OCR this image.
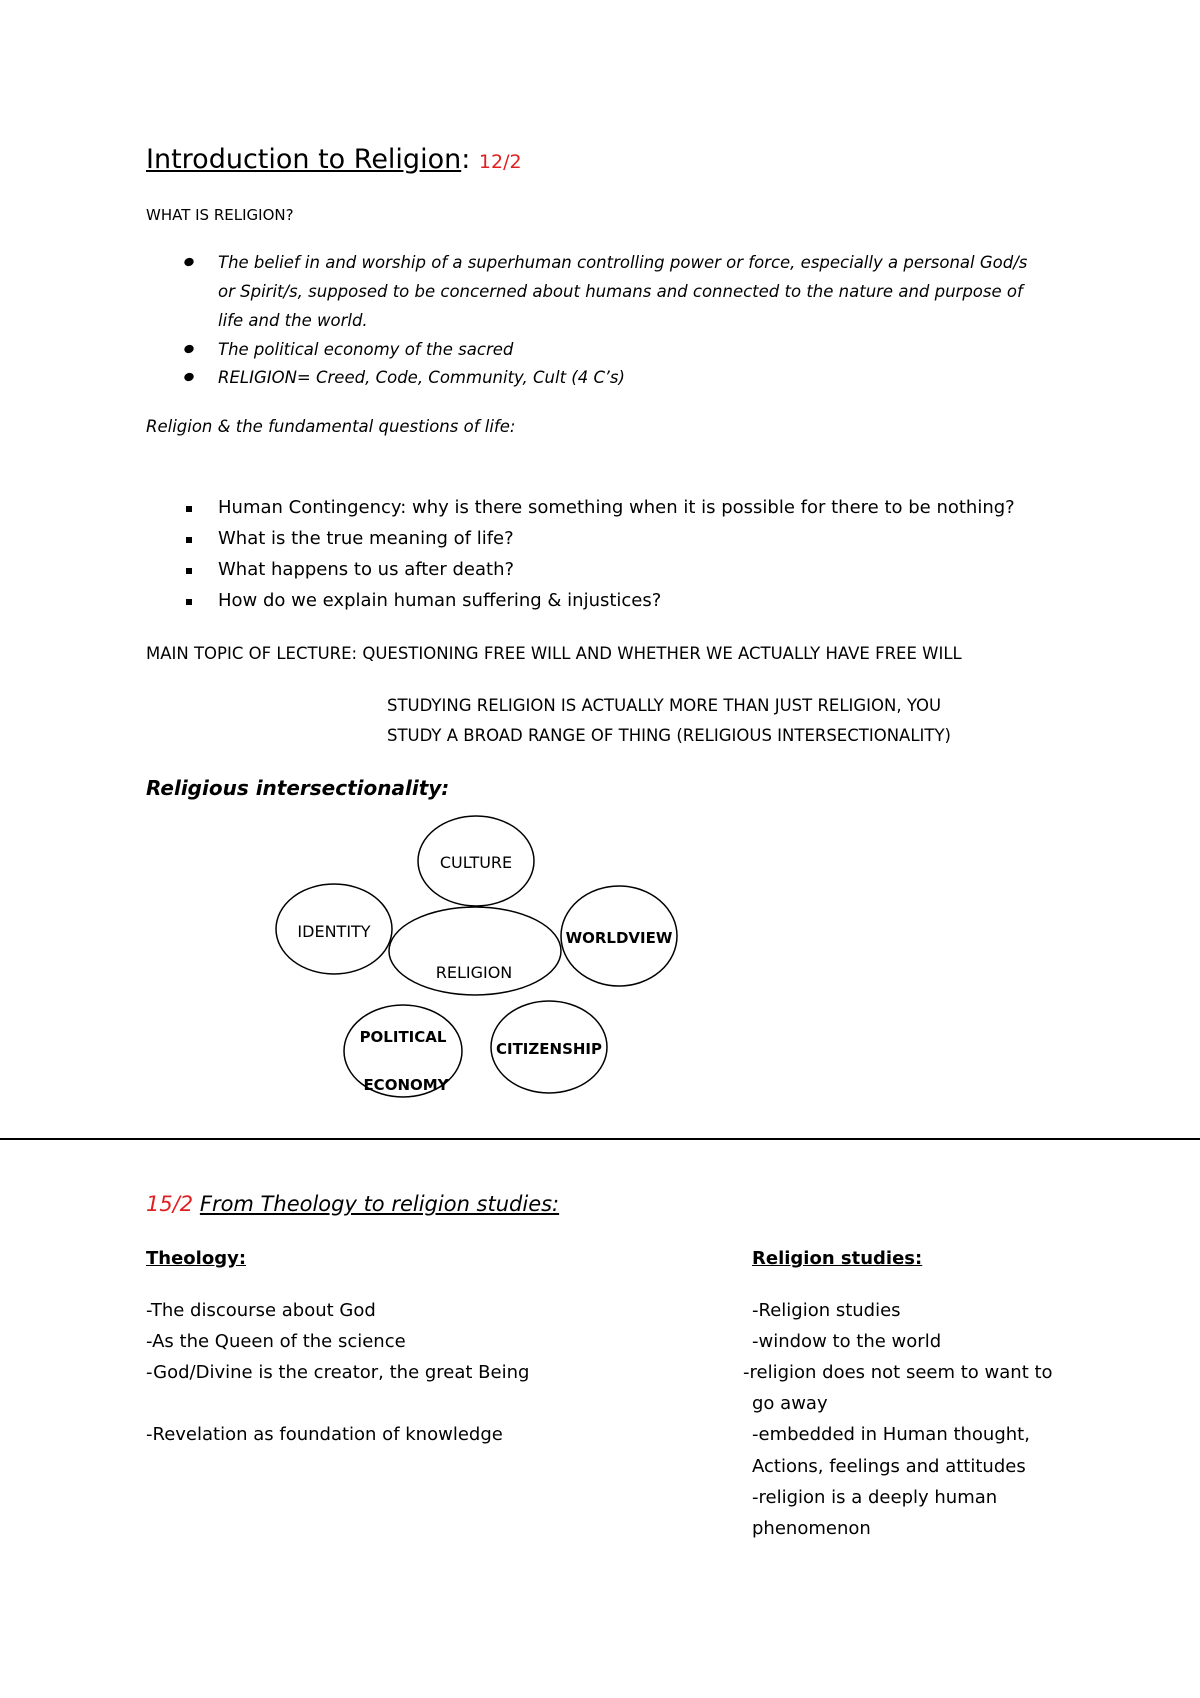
Introduction to Religion: 12/2
WHAT IS RELIGION?
The belief in and worship of a superhuman controlling power or force, especially a personal God/s or Spirit/s, supposed to be concerned about humans and connected to the nature and purpose of life and the world.
The political economy of the sacred
RELIGION= Creed, Code, Community, Cult (4 C’s)
Religion & the fundamental questions of life:
Human Contingency: why is there something when it is possible for there to be nothing?
What is the true meaning of life?
What happens to us after death?
How do we explain human suffering & injustices?
MAIN TOPIC OF LECTURE: QUESTIONING FREE WILL AND WHETHER WE ACTUALLY HAVE FREE WILL
STUDYING RELIGION IS ACTUALLY MORE THAN JUST RELIGION, YOU
STUDY A BROAD RANGE OF THING (RELIGIOUS INTERSECTIONALITY)
Religious intersectionality:
CULTURE
IDENTITY
RELIGION
WORLDVIEW
POLITICAL
ECONOMY
CITIZENSHIP
15/2 From Theology to religion studies:
Theology:	Religion studies:
-The discourse about God
-As the Queen of the science
-God/Divine is the creator, the great Being
-Revelation as foundation of knowledge
-Religion studies
-window to the world
-religion does not seem to want to
go away
-embedded in Human thought,
Actions, feelings and attitudes
-religion is a deeply human
phenomenon
